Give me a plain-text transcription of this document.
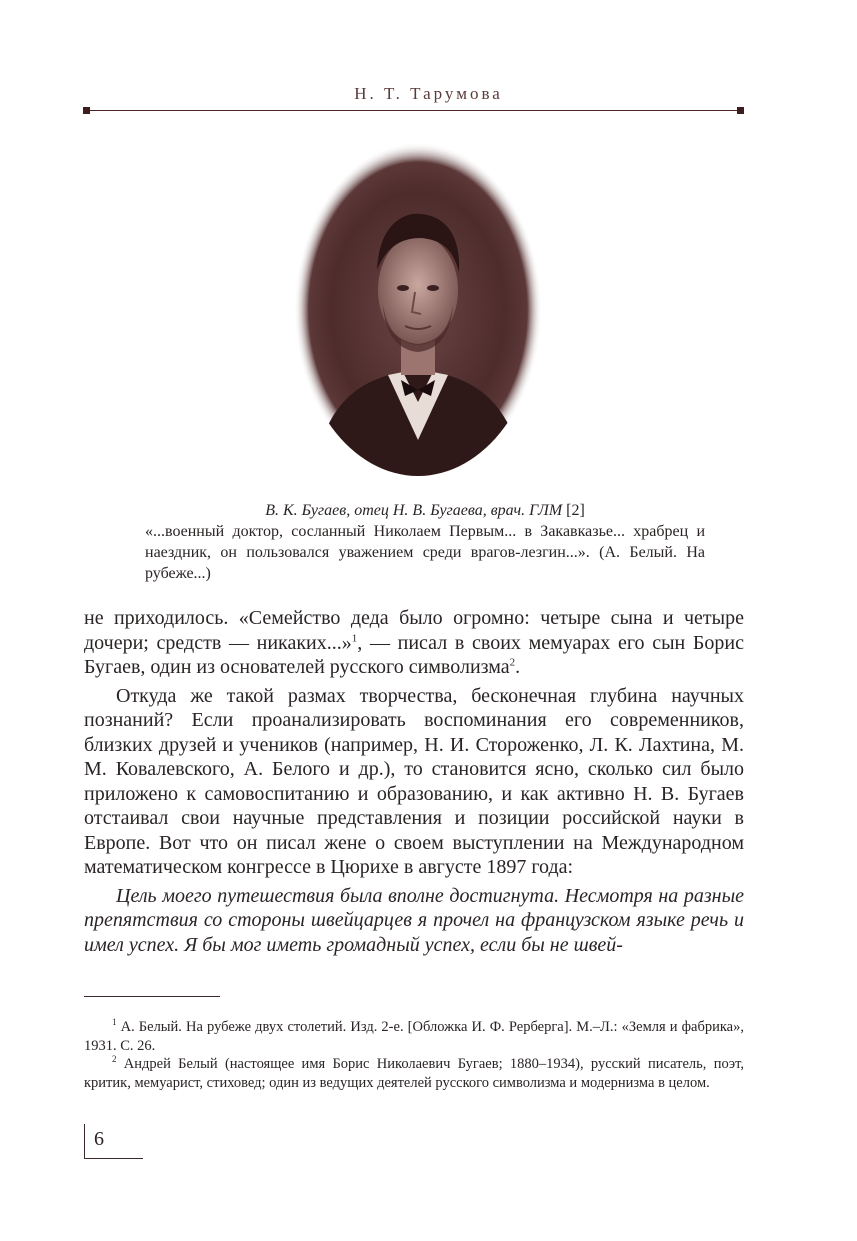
Н. Т. Тарумова
В. К. Бугаев, отец Н. В. Бугаева, врач. ГЛМ [2]
«...военный доктор, сосланный Николаем Первым... в Закавказье... храбрец и наездник, он пользовался уважением среди врагов-лезгин...». (А. Белый. На рубеже...)

не приходилось. «Семейство деда было огромно: четыре сына и четыре дочери; средств — никаких...»$^1$, — писал в своих мемуарах его сын Борис Бугаев, один из основателей русского символизма$^2$.

Откуда же такой размах творчества, бесконечная глубина научных познаний? Если проанализировать воспоминания его современников, близких друзей и учеников (например, Н. И. Стороженко, Л. К. Лахтина, М. М. Ковалевского, А. Белого и др.), то становится ясно, сколько сил было приложено к самовоспитанию и образованию, и как активно Н. В. Бугаев отстаивал свои научные представления и позиции российской науки в Европе. Вот что он писал жене о своем выступлении на Международном математическом конгрессе в Цюрихе в августе 1897 года:

Цель моего путешествия была вполне достигнута. Несмотря на разные препятствия со стороны швейцарцев я прочел на французском языке речь и имел успех. Я бы мог иметь громадный успех, если бы не швей-

$^1$ А. Белый. На рубеже двух столетий. Изд. 2-е. [Обложка И. Ф. Рерберга]. М.–Л.: «Земля и фабрика», 1931. С. 26.

$^2$ Андрей Белый (настоящее имя Борис Николаевич Бугаев; 1880–1934), русский писатель, поэт, критик, мемуарист, стиховед; один из ведущих деятелей русского символизма и модернизма в целом.

6
